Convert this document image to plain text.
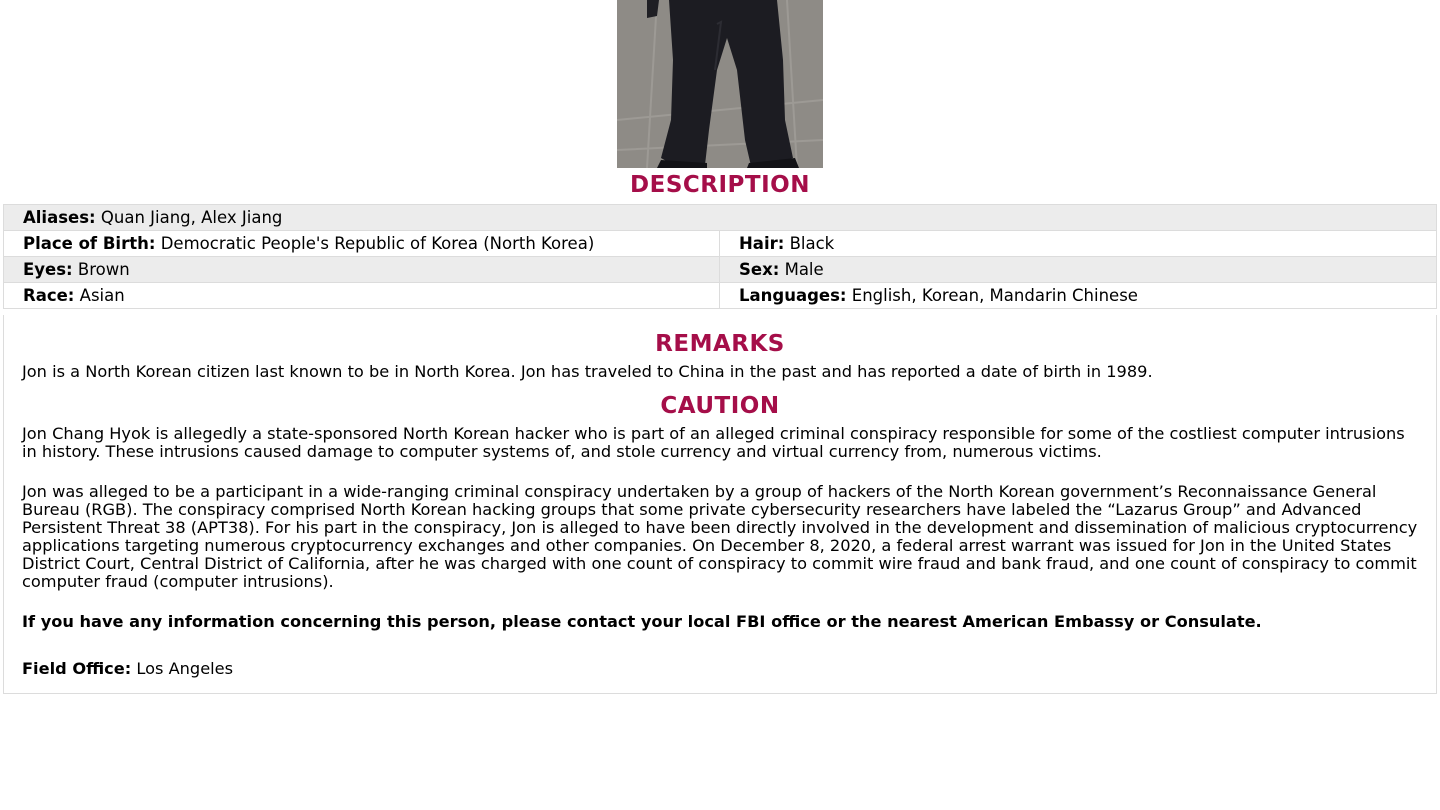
DESCRIPTION
Aliases: Quan Jiang, Alex Jiang	
Place of Birth: Democratic People's Republic of Korea (North Korea)	Hair: Black
Eyes: Brown	Sex: Male
Race: Asian	Languages: English, Korean, Mandarin Chinese
REMARKS

Jon is a North Korean citizen last known to be in North Korea. Jon has traveled to China in the past and has reported a date of birth in 1989.

CAUTION

Jon Chang Hyok is allegedly a state-sponsored North Korean hacker who is part of an alleged criminal conspiracy responsible for some of the costliest computer intrusions in history. These intrusions caused damage to computer systems of, and stole currency and virtual currency from, numerous victims.

Jon was alleged to be a participant in a wide-ranging criminal conspiracy undertaken by a group of hackers of the North Korean government’s Reconnaissance General Bureau (RGB). The conspiracy comprised North Korean hacking groups that some private cybersecurity researchers have labeled the “Lazarus Group” and Advanced Persistent Threat 38 (APT38). For his part in the conspiracy, Jon is alleged to have been directly involved in the development and dissemination of malicious cryptocurrency applications targeting numerous cryptocurrency exchanges and other companies. On December 8, 2020, a federal arrest warrant was issued for Jon in the United States District Court, Central District of California, after he was charged with one count of conspiracy to commit wire fraud and bank fraud, and one count of conspiracy to commit computer fraud (computer intrusions).

If you have any information concerning this person, please contact your local FBI office or the nearest American Embassy or Consulate.

Field Office: Los Angeles
